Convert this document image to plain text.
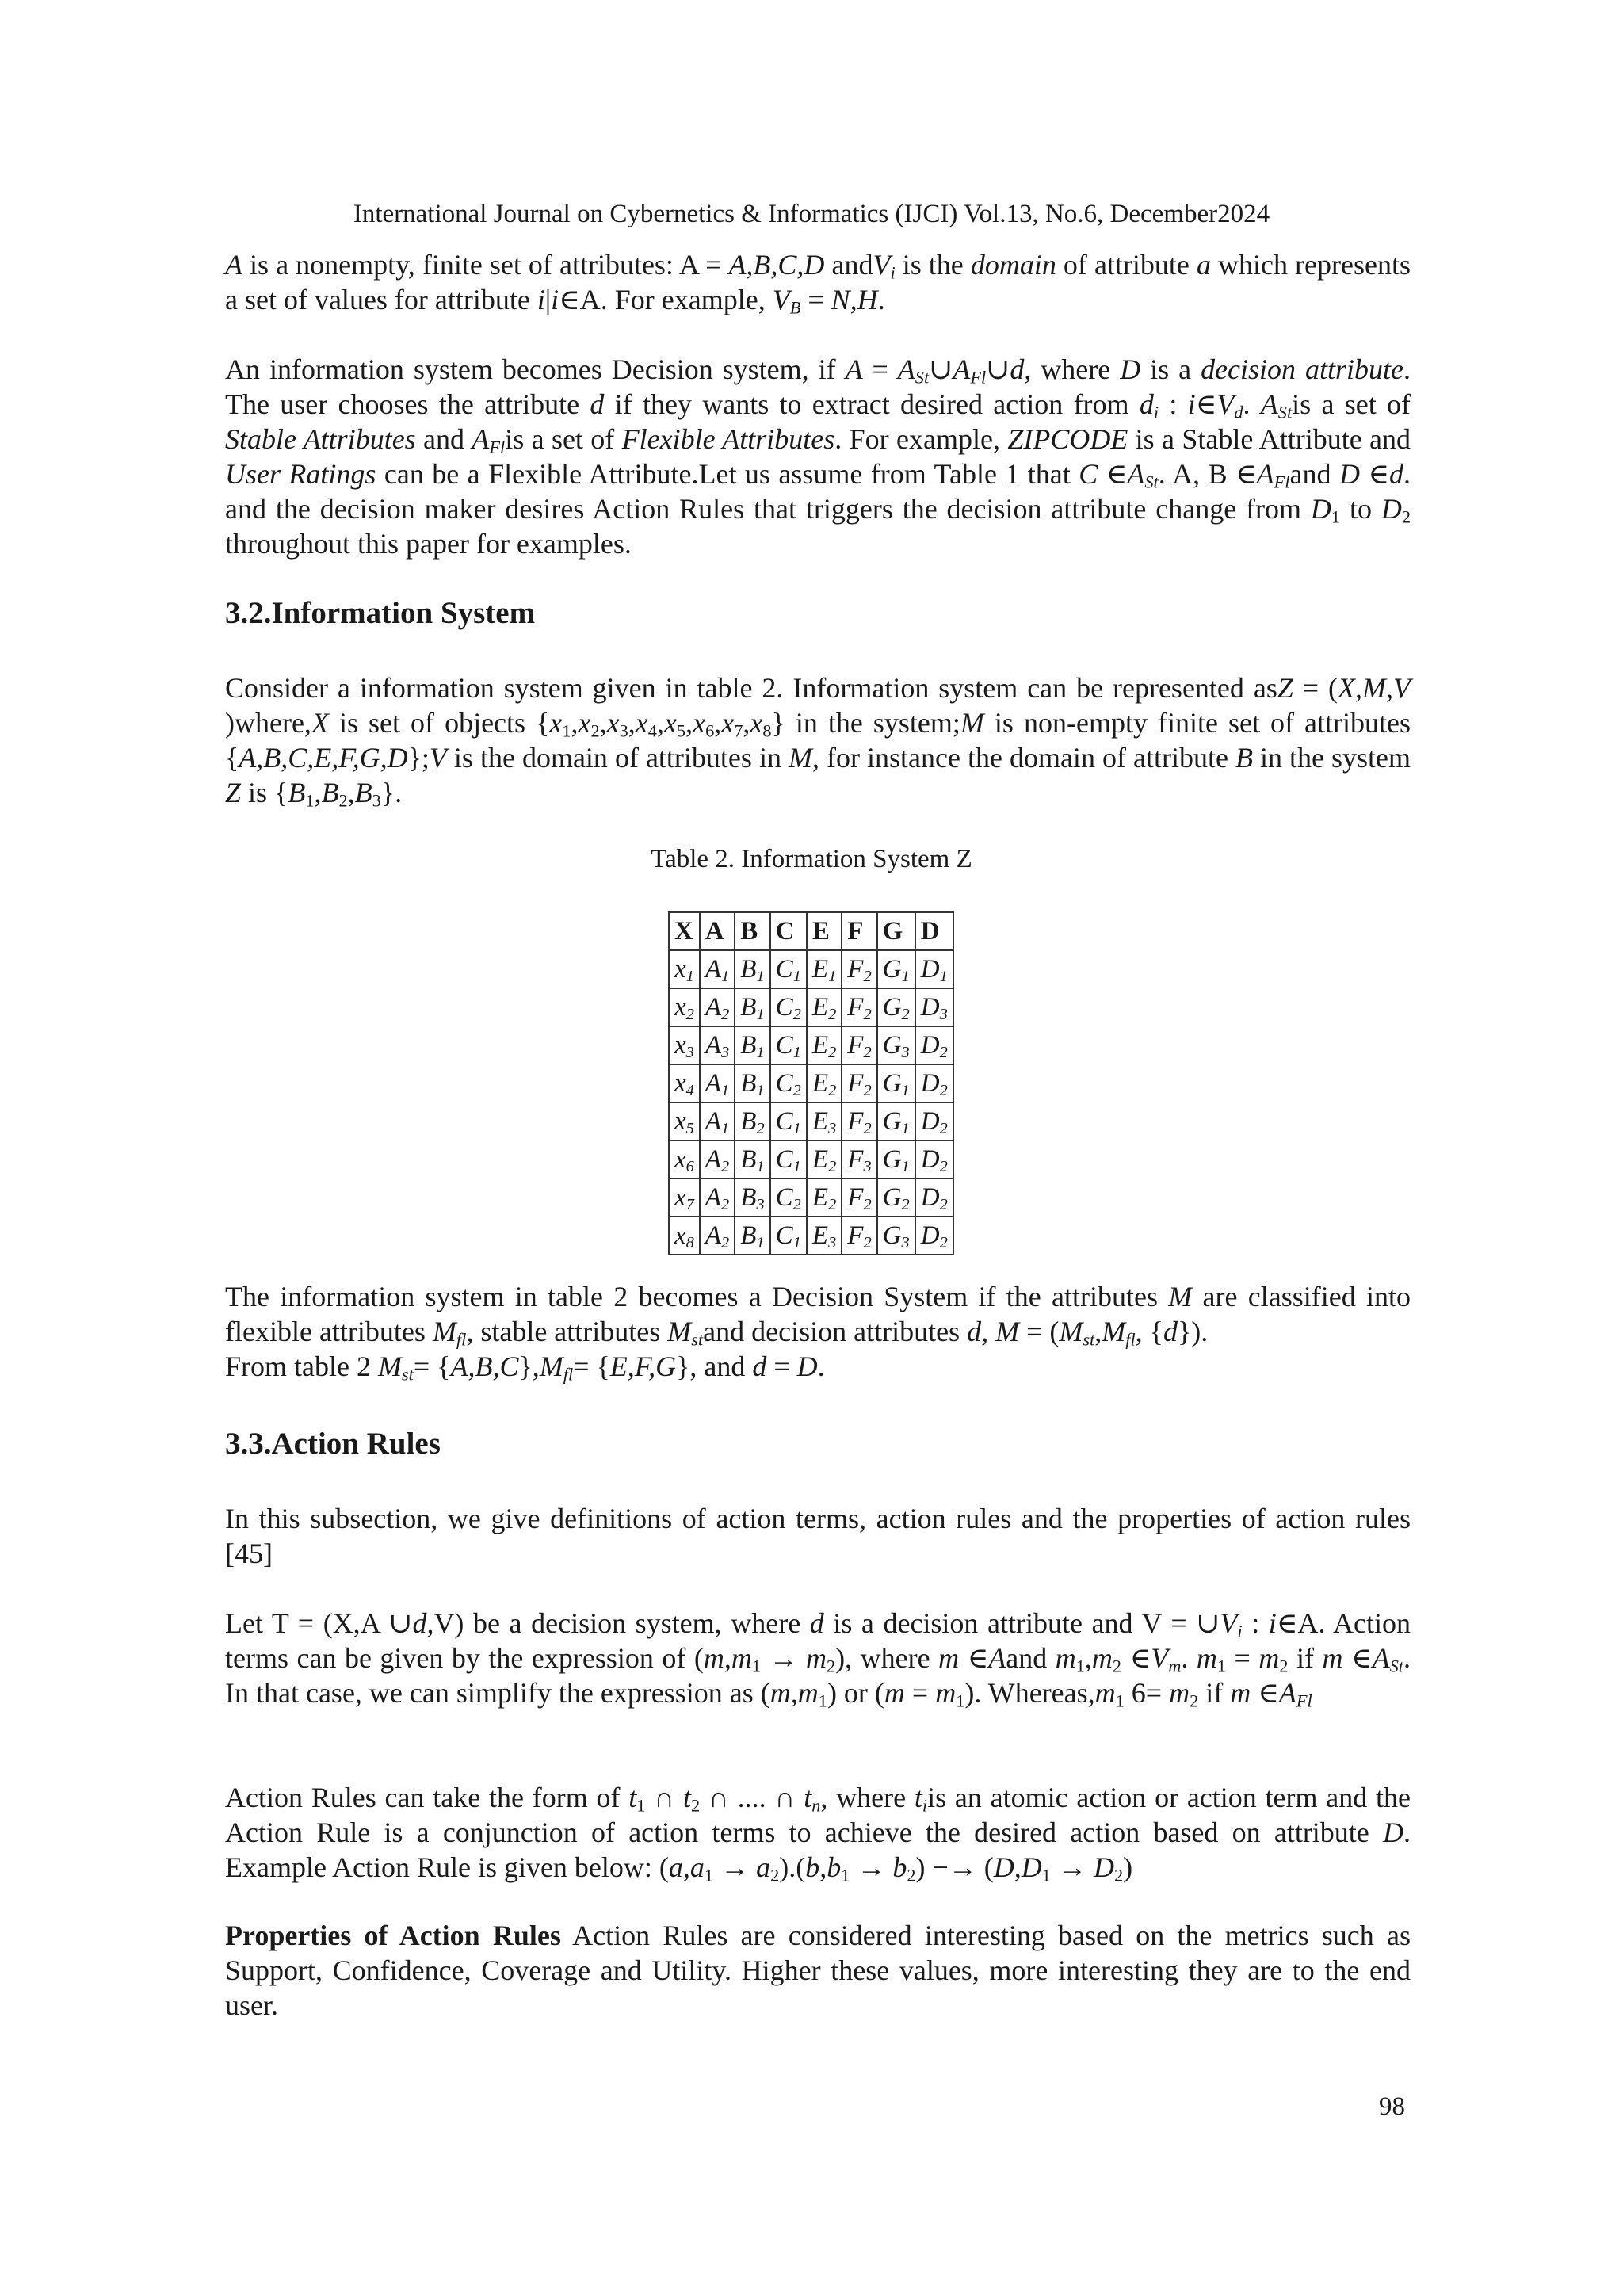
International Journal on Cybernetics & Informatics (IJCI) Vol.13, No.6, December2024

A is a nonempty, finite set of attributes: A = A,B,C,D andV$_i$ is the domain of attribute a which represents a set of values for attribute i|i∈A. For example, $V_B = N,H$.

An information system becomes Decision system, if $A = A_{St}\cup A_{Fl}\cup d$, where D is a decision attribute. The user chooses the attribute d if they wants to extract desired action from $d_i$ : $i\in V_d$. $A_{St}is$ a set of Stable Attributes and $A_{Fl}is$ a set of Flexible Attributes. For example, ZIPCODE is a Stable Attribute and User Ratings can be a Flexible Attribute.Let us assume from Table 1 that C $\in A_{St}$. A, B $\in A_{Fl}and$ D ∈d. and the decision maker desires Action Rules that triggers the decision attribute change from $D_1$ to $D_2$ throughout this paper for examples.

3.2.Information System

Consider a information system given in table 2. Information system can be represented asZ = (X,M,V )where,X is set of objects $\{x_1,x_2,x_3,x_4,x_5,x_6,x_7,x_8\}$ in the system;M is non-empty finite set of attributes {A,B,C,E,F,G,D};V is the domain of attributes in M, for instance the domain of attribute B in the system Z is $\{B_1,B_2,B_3\}$.

Table 2. Information System Z
X	A	B	C	E	F	G	D
$x_1$	$A_1$	$B_1$	$C_1$	$E_1$	$F_2$	$G_1$	$D_1$
$x_2$	$A_2$	$B_1$	$C_2$	$E_2$	$F_2$	$G_2$	$D_3$
$x_3$	$A_3$	$B_1$	$C_1$	$E_2$	$F_2$	$G_3$	$D_2$
$x_4$	$A_1$	$B_1$	$C_2$	$E_2$	$F_2$	$G_1$	$D_2$
$x_5$	$A_1$	$B_2$	$C_1$	$E_3$	$F_2$	$G_1$	$D_2$
$x_6$	$A_2$	$B_1$	$C_1$	$E_2$	$F_3$	$G_1$	$D_2$
$x_7$	$A_2$	$B_3$	$C_2$	$E_2$	$F_2$	$G_2$	$D_2$
$x_8$	$A_2$	$B_1$	$C_1$	$E_3$	$F_2$	$G_3$	$D_2$

The information system in table 2 becomes a Decision System if the attributes M are classified into flexible attributes $M_{fl}$, stable attributes $M_{st}and$ decision attributes d, $M = (M_{st},M_{fl}$, {d}).

From table 2 $M_{st}= \{A,B,C\},M_{fl}= \{E,F,G\}$, and d = D.

3.3.Action Rules

In this subsection, we give definitions of action terms, action rules and the properties of action rules [45]

Let T = (X,A ∪d,V) be a decision system, where d is a decision attribute and $V = \cup V_i$ : i∈A. Action terms can be given by the expression of $(m,m_1 \to m_2)$, where m ∈Aand $m_1,m_2$ $\in V_m$. $m_1 = m_2$ if m $\in A_{St}$. In that case, we can simplify the expression as $(m,m_1)$ or $(m = m_1)$. $Whereas,m_1$ $6= m_2$ if m $\in A_{Fl}$

Action Rules can take the form of $t_1$ ∩ $t_2$ ∩ .... ∩ $t_n$, where $t_iis$ an atomic action or action term and the Action Rule is a conjunction of action terms to achieve the desired action based on attribute D. Example Action Rule is given below: $(a,a_1 \to a_2).(b,b_1 \to b_2) -\to (D,D_1 \to D_2)$

Properties of Action Rules Action Rules are considered interesting based on the metrics such as Support, Confidence, Coverage and Utility. Higher these values, more interesting they are to the end user.

98
